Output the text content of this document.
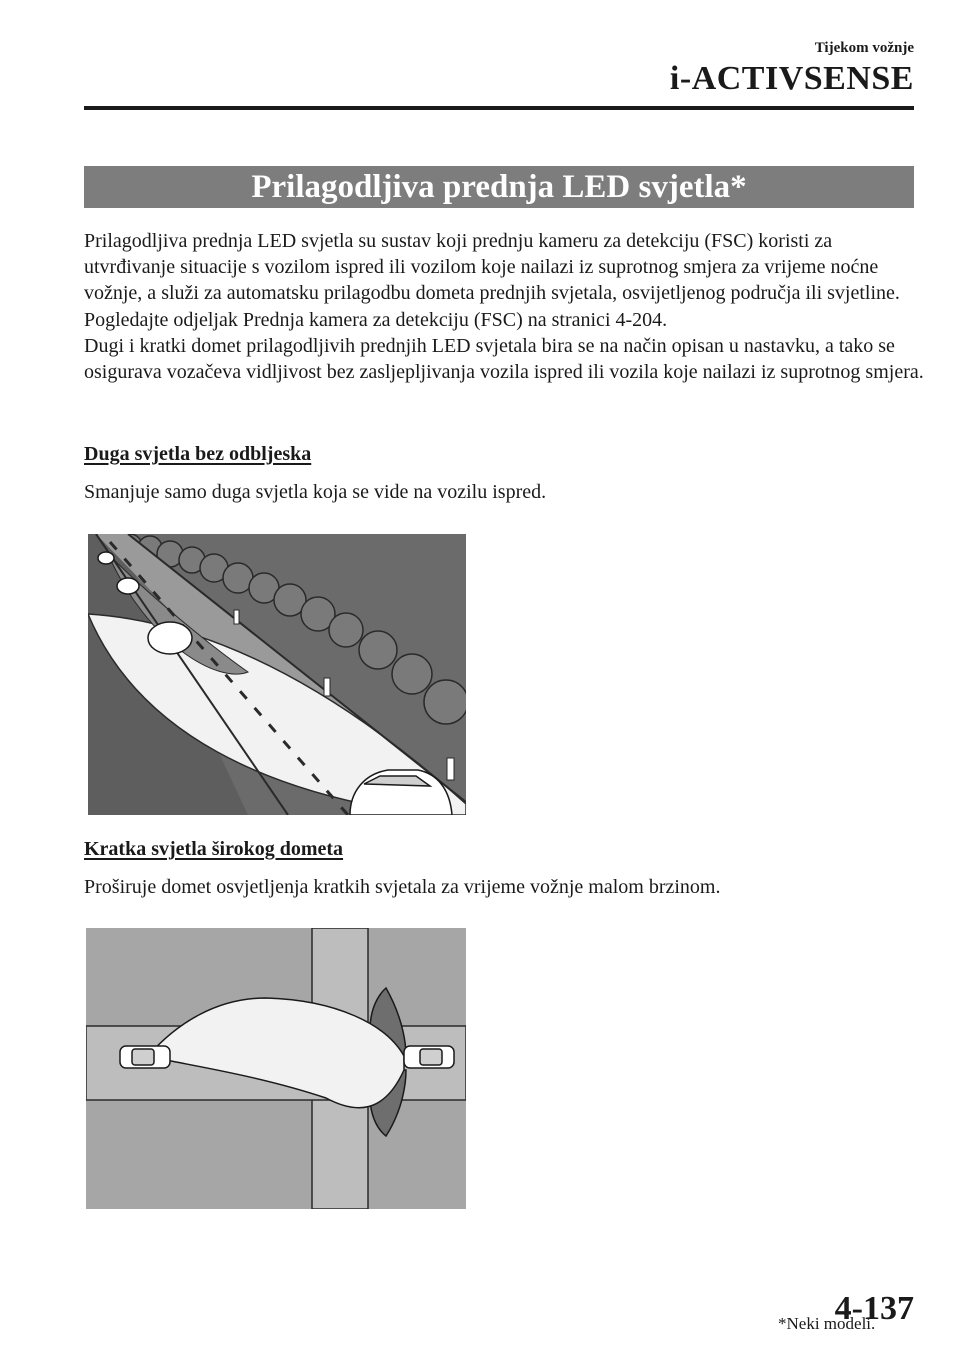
Tijekom vožnje
i-ACTIVSENSE
Prilagodljiva prednja LED svjetla*

Prilagodljiva prednja LED svjetla su sustav koji prednju kameru za detekciju (FSC) koristi za utvrđivanje situacije s vozilom ispred ili vozilom koje nailazi iz suprotnog smjera za vrijeme noćne vožnje, a služi za automatsku prilagodbu dometa prednjih svjetala, osvijetljenog područja ili svjetline.

Pogledajte odjeljak Prednja kamera za detekciju (FSC) na stranici 4-204.

Dugi i kratki domet prilagodljivih prednjih LED svjetala bira se na način opisan u nastavku, a tako se osigurava vozačeva vidljivost bez zasljepljivanja vozila ispred ili vozila koje nailazi iz suprotnog smjera.

Duga svjetla bez odbljeska
Smanjuje samo duga svjetla koja se vide na vozilu ispred.
Kratka svjetla širokog dometa
Proširuje domet osvjetljenja kratkih svjetala za vrijeme vožnje malom brzinom.
*Neki modeli.
4-137
